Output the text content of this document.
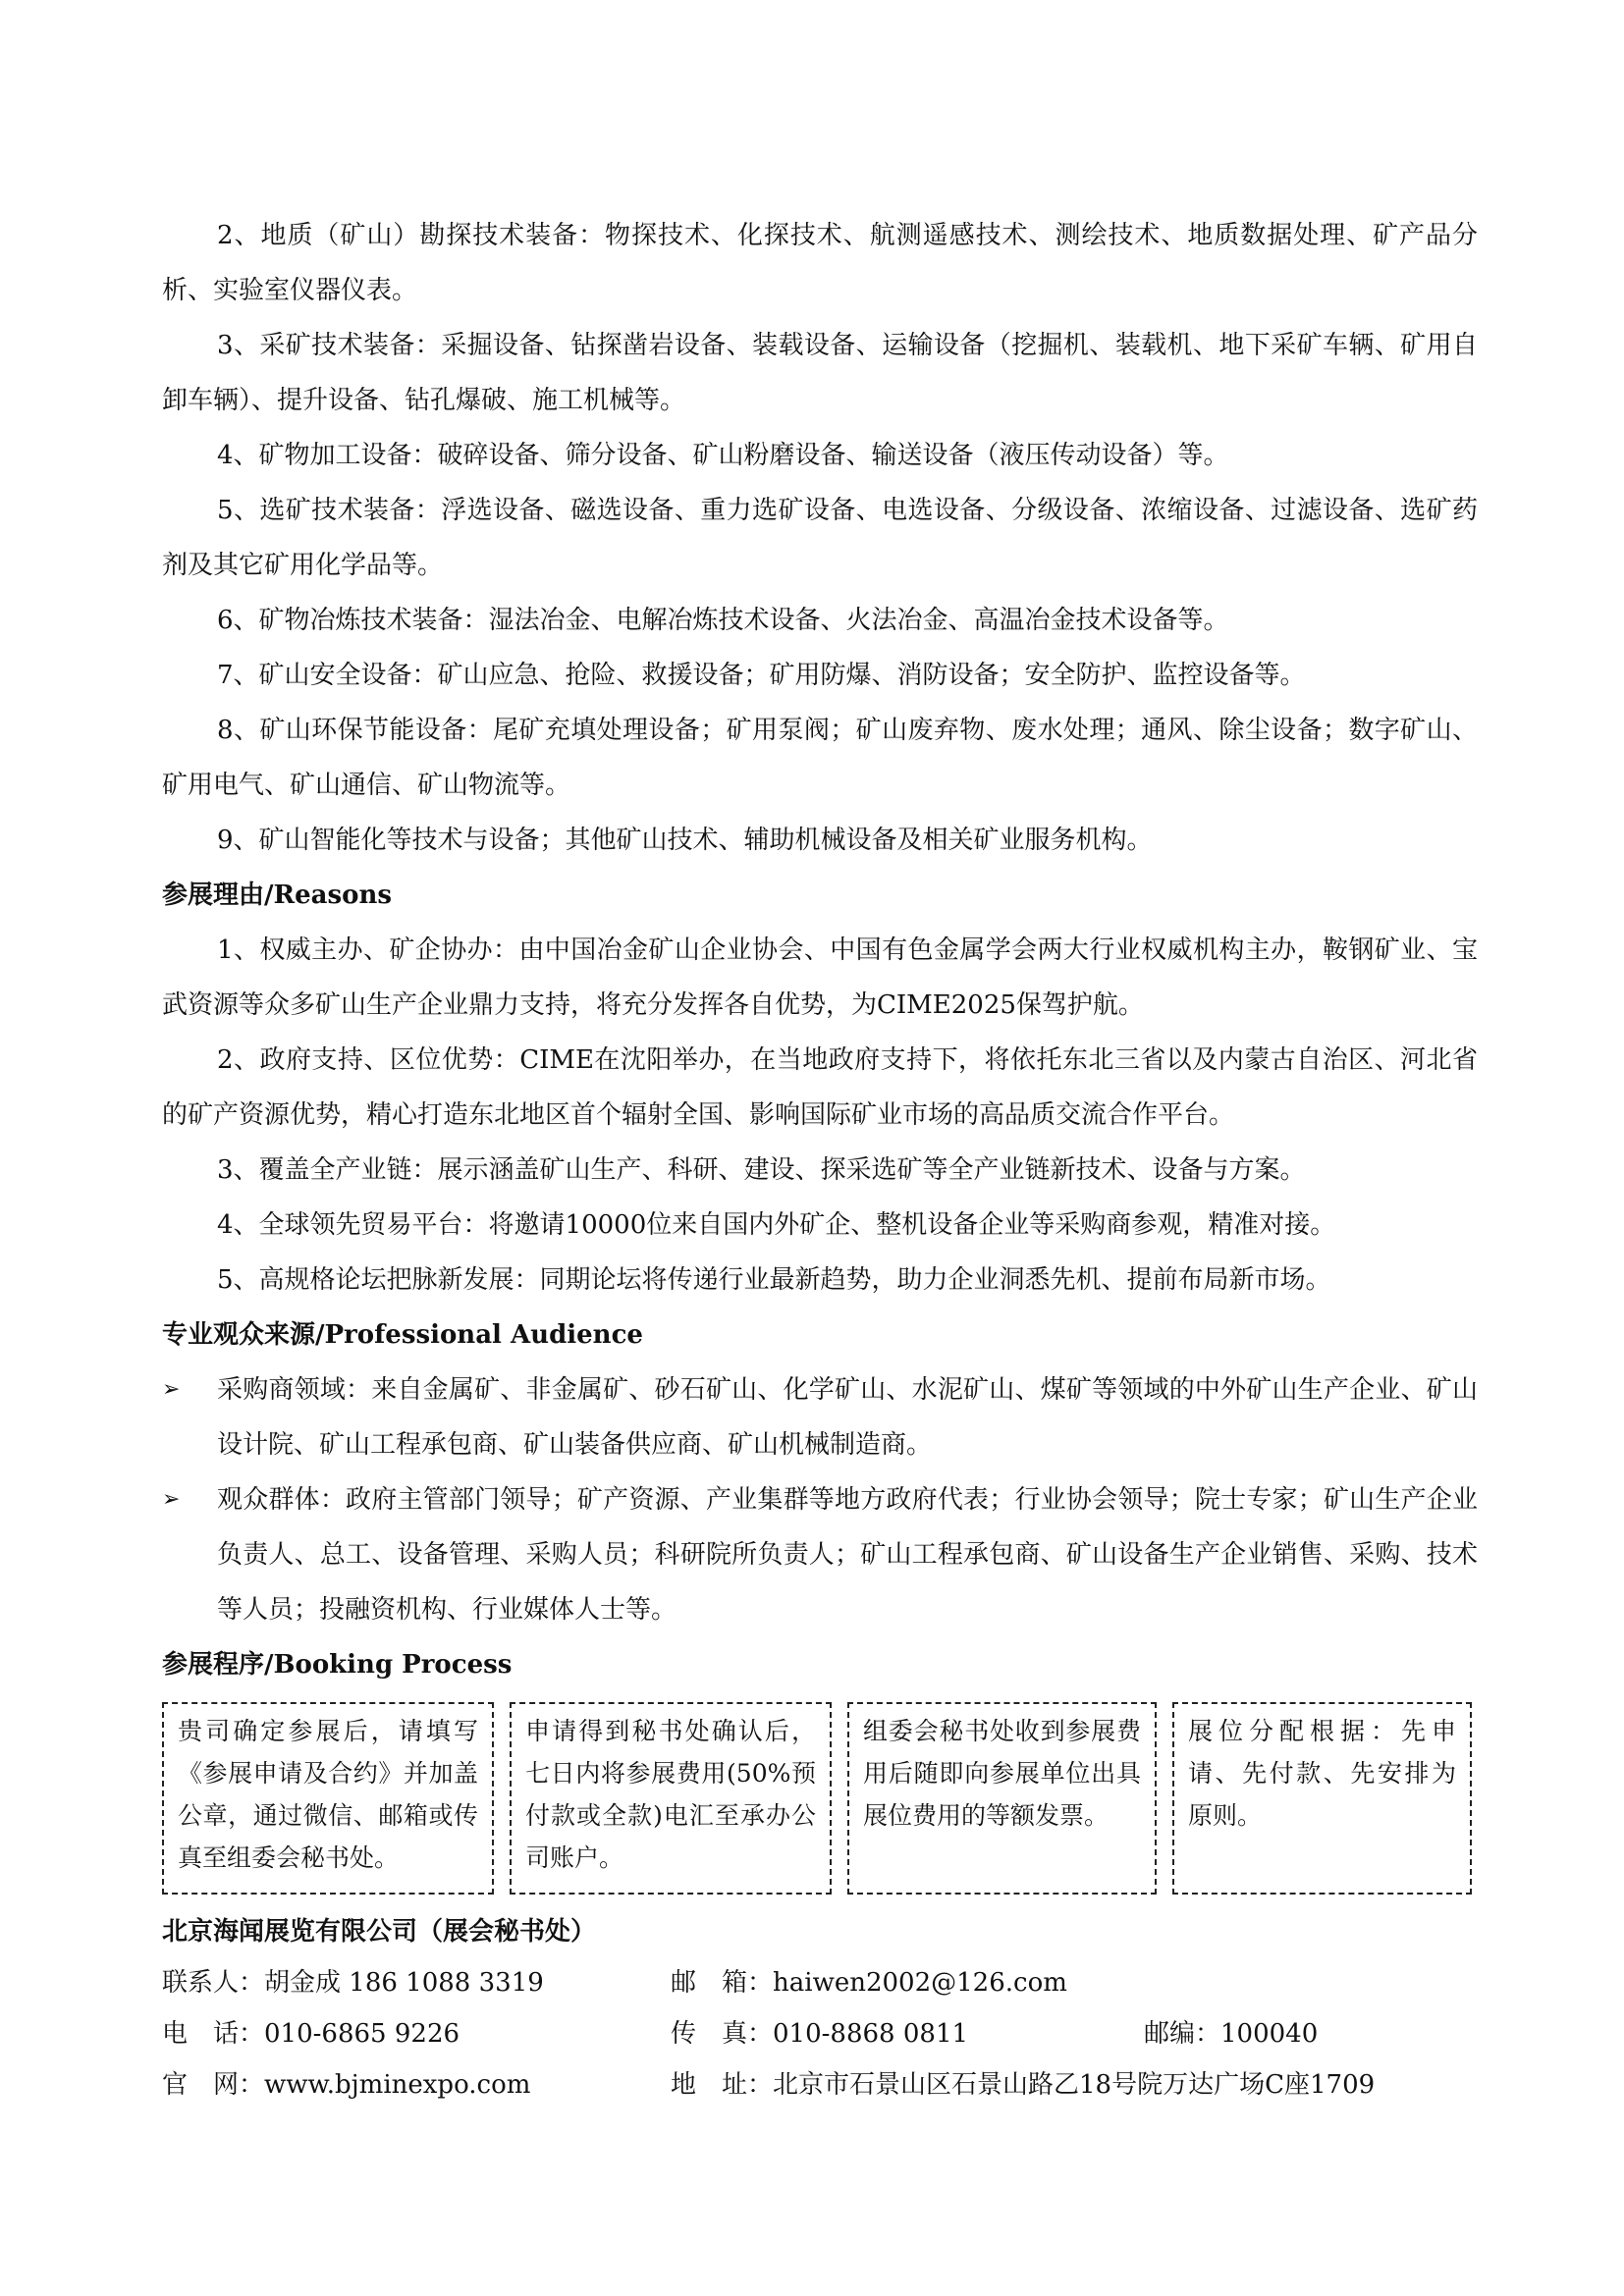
2、地质（矿山）勘探技术装备：物探技术、化探技术、航测遥感技术、测绘技术、地质数据处理、矿产品分析、实验室仪器仪表。

3、采矿技术装备：采掘设备、钻探凿岩设备、装载设备、运输设备（挖掘机、装载机、地下采矿车辆、矿用自卸车辆）、提升设备、钻孔爆破、施工机械等。

4、矿物加工设备：破碎设备、筛分设备、矿山粉磨设备、输送设备（液压传动设备）等。

5、选矿技术装备：浮选设备、磁选设备、重力选矿设备、电选设备、分级设备、浓缩设备、过滤设备、选矿药剂及其它矿用化学品等。

6、矿物冶炼技术装备：湿法冶金、电解冶炼技术设备、火法冶金、高温冶金技术设备等。

7、矿山安全设备：矿山应急、抢险、救援设备；矿用防爆、消防设备；安全防护、监控设备等。

8、矿山环保节能设备：尾矿充填处理设备；矿用泵阀；矿山废弃物、废水处理；通风、除尘设备；数字矿山、矿用电气、矿山通信、矿山物流等。

9、矿山智能化等技术与设备；其他矿山技术、辅助机械设备及相关矿业服务机构。

参展理由/Reasons

1、权威主办、矿企协办：由中国冶金矿山企业协会、中国有色金属学会两大行业权威机构主办，鞍钢矿业、宝武资源等众多矿山生产企业鼎力支持，将充分发挥各自优势，为CIME2025保驾护航。

2、政府支持、区位优势：CIME在沈阳举办，在当地政府支持下，将依托东北三省以及内蒙古自治区、河北省的矿产资源优势，精心打造东北地区首个辐射全国、影响国际矿业市场的高品质交流合作平台。

3、覆盖全产业链：展示涵盖矿山生产、科研、建设、探采选矿等全产业链新技术、设备与方案。

4、全球领先贸易平台：将邀请10000位来自国内外矿企、整机设备企业等采购商参观，精准对接。

5、高规格论坛把脉新发展：同期论坛将传递行业最新趋势，助力企业洞悉先机、提前布局新市场。

专业观众来源/Professional Audience

➢	采购商领域：来自金属矿、非金属矿、砂石矿山、化学矿山、水泥矿山、煤矿等领域的中外矿山生产企业、矿山设计院、矿山工程承包商、矿山装备供应商、矿山机械制造商。

➢	观众群体：政府主管部门领导；矿产资源、产业集群等地方政府代表；行业协会领导；院士专家；矿山生产企业负责人、总工、设备管理、采购人员；科研院所负责人；矿山工程承包商、矿山设备生产企业销售、采购、技术等人员；投融资机构、行业媒体人士等。

参展程序/Booking Process
贵司确定参展后，请填写《参展申请及合约》并加盖公章，通过微信、邮箱或传真至组委会秘书处。
申请得到秘书处确认后，七日内将参展费用(50%预付款或全款)电汇至承办公司账户。
组委会秘书处收到参展费用后随即向参展单位出具展位费用的等额发票。
展位分配根据：先申请、先付款、先安排为原则。

北京海闻展览有限公司（展会秘书处）

联系人：胡金成 186 1088 3319	邮　箱：haiwen2002@126.com
电　话：010-6865 9226	传　真：010-8868 0811	邮编：100040
官　网：www.bjminexpo.com	地　址：北京市石景山区石景山路乙18号院万达广场C座1709
